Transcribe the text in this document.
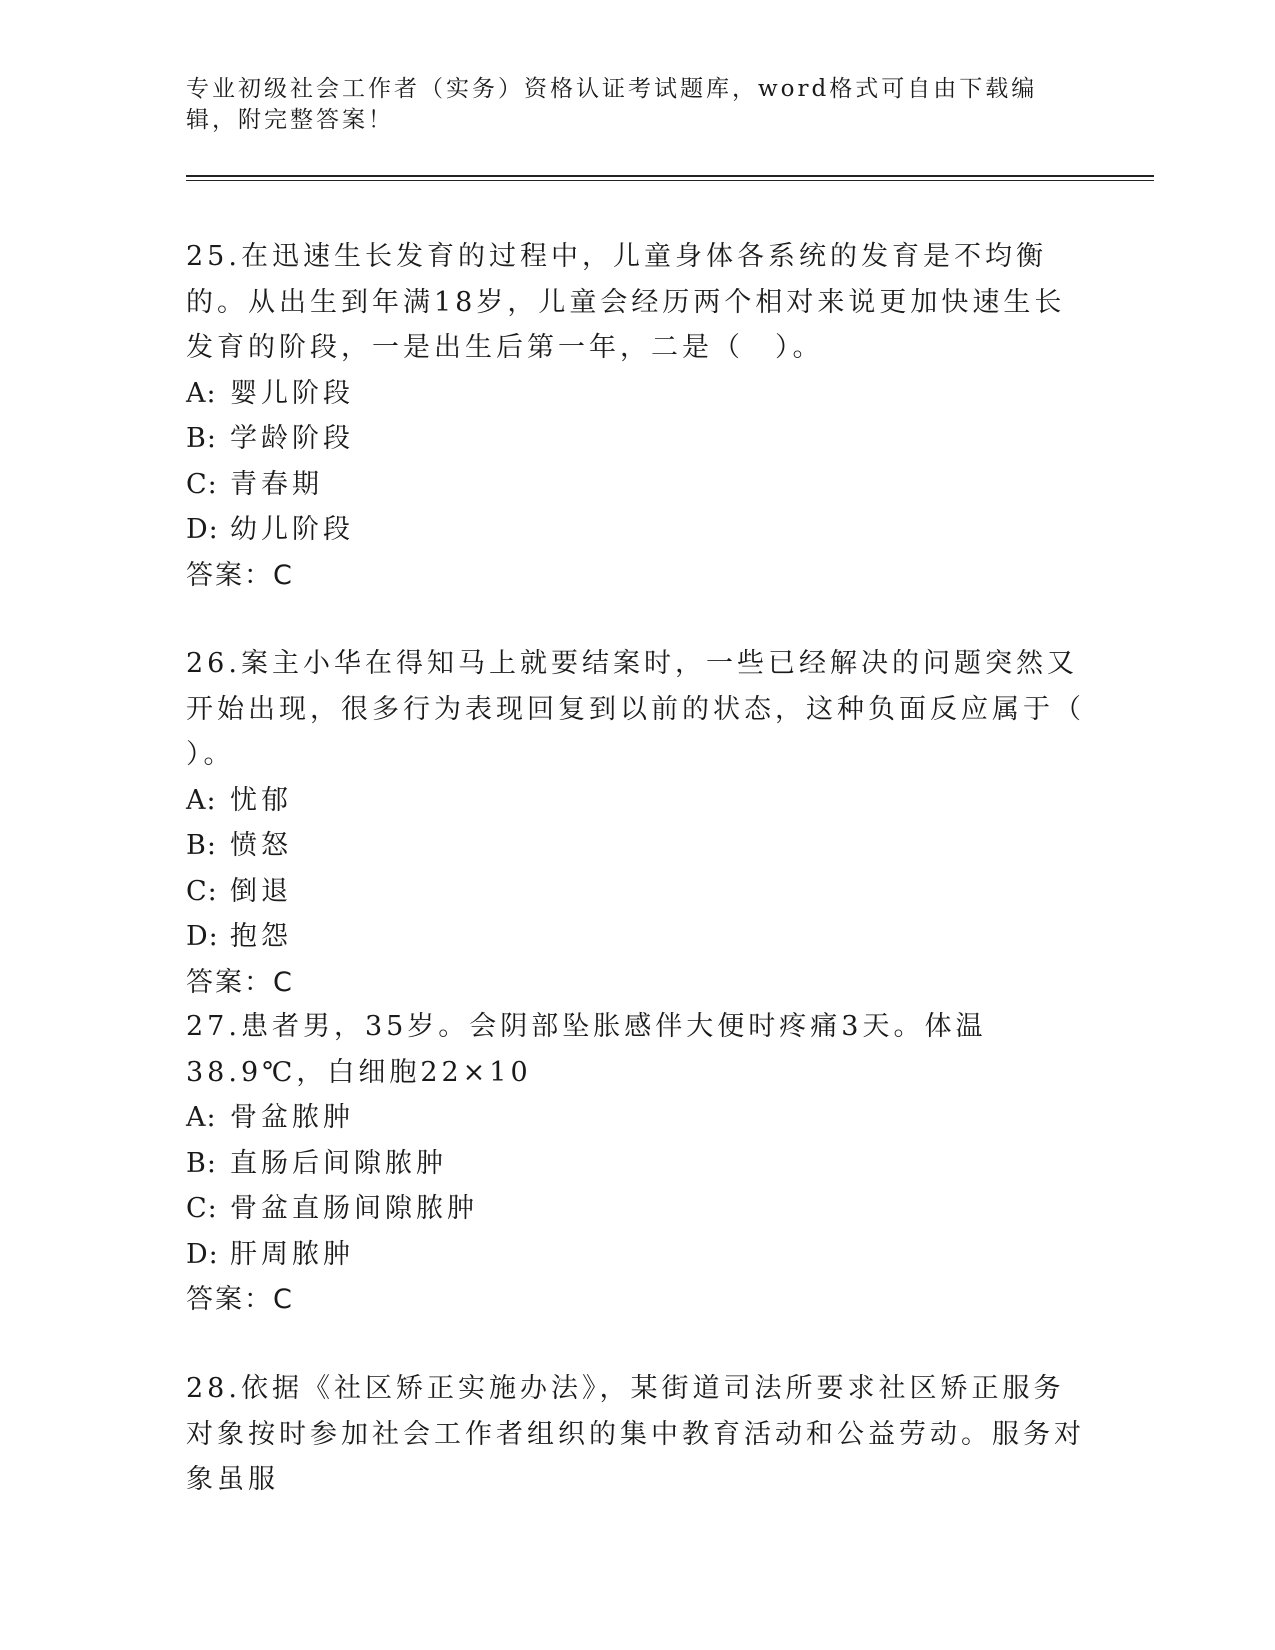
专业初级社会工作者（实务）资格认证考试题库，word格式可自由下载编辑，附完整答案！

25.在迅速生长发育的过程中，儿童身体各系统的发育是不均衡的。从出生到年满18岁，儿童会经历两个相对来说更加快速生长发育的阶段，一是出生后第一年，二是（　）。

A: 婴儿阶段

B: 学龄阶段

C: 青春期

D: 幼儿阶段

答案：C

26.案主小华在得知马上就要结案时，一些已经解决的问题突然又开始出现，很多行为表现回复到以前的状态，这种负面反应属于（ ）。

A: 忧郁

B: 愤怒

C: 倒退

D: 抱怨

答案：C

27.患者男，35岁。会阴部坠胀感伴大便时疼痛3天。体温38.9℃，白细胞22×10

A: 骨盆脓肿

B: 直肠后间隙脓肿

C: 骨盆直肠间隙脓肿

D: 肝周脓肿

答案：C

28.依据《社区矫正实施办法》，某街道司法所要求社区矫正服务对象按时参加社会工作者组织的集中教育活动和公益劳动。服务对象虽服
